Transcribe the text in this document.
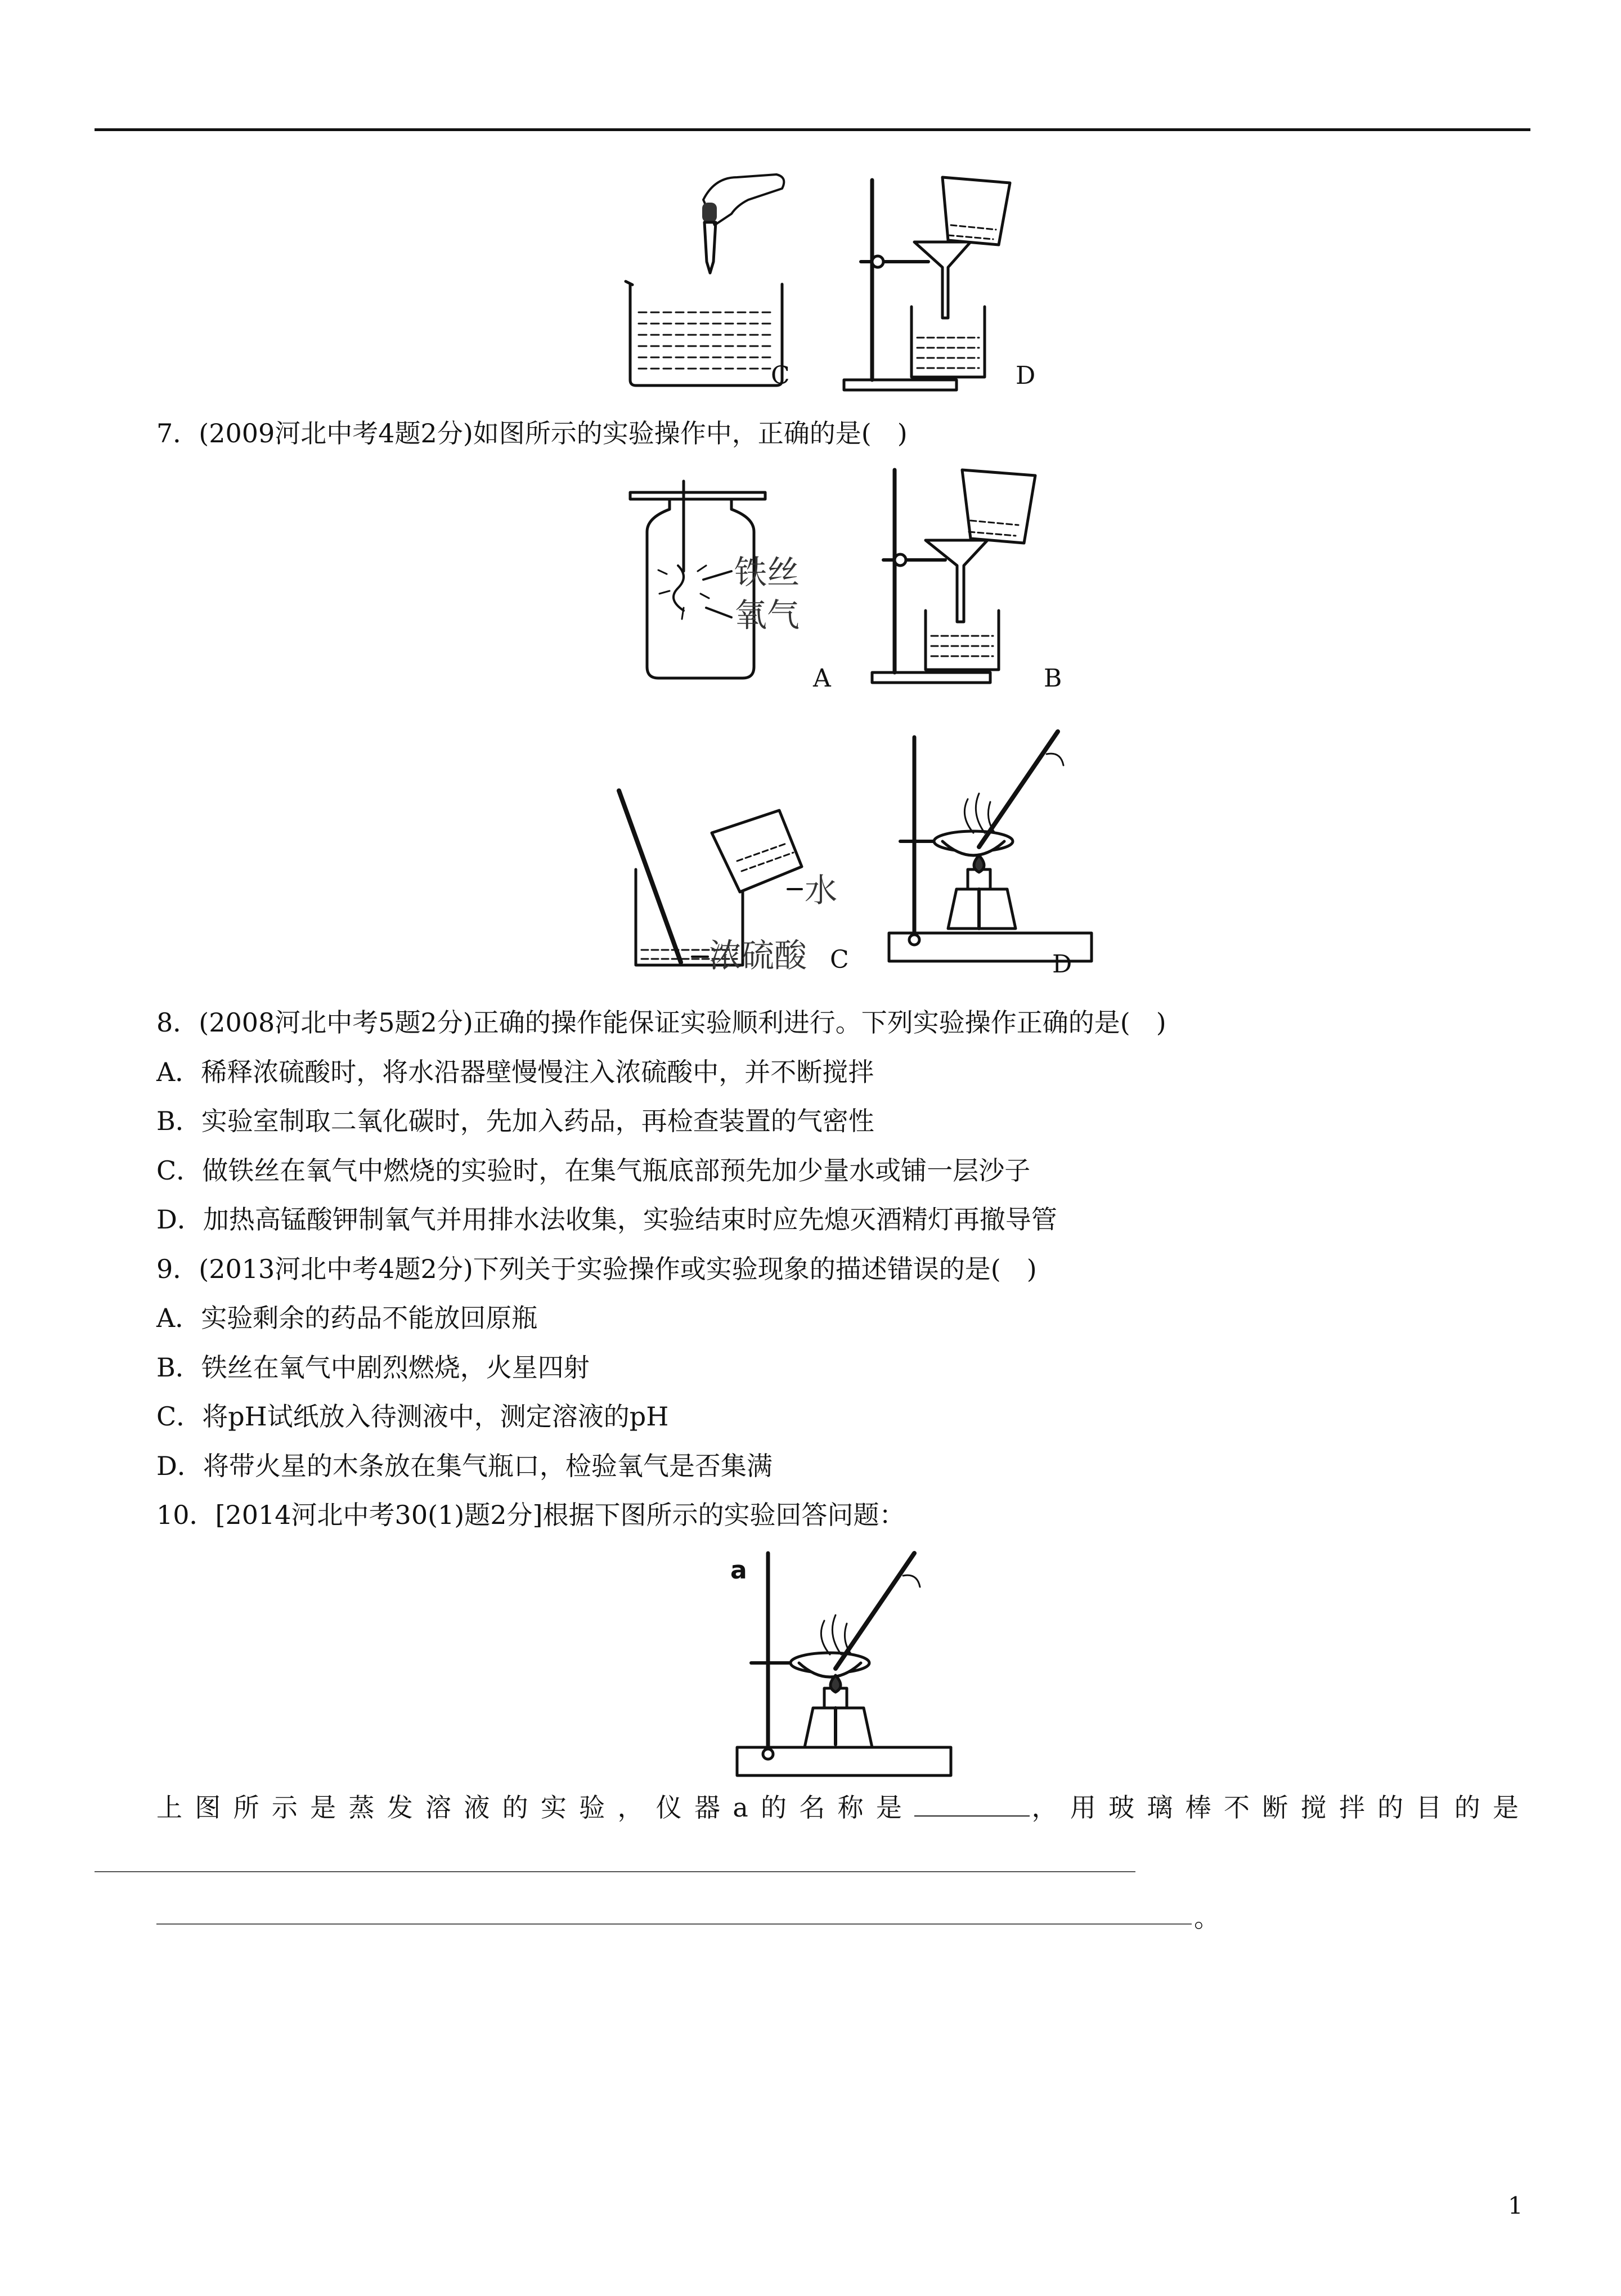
C	D
7．(2009河北中考4题2分)如图所示的实验操作中，正确的是(　)
铁丝
氧气
A	B
水
浓硫酸 C	D
8．(2008河北中考5题2分)正确的操作能保证实验顺利进行。下列实验操作正确的是(　)
A．稀释浓硫酸时，将水沿器壁慢慢注入浓硫酸中，并不断搅拌
B．实验室制取二氧化碳时，先加入药品，再检查装置的气密性
C．做铁丝在氧气中燃烧的实验时，在集气瓶底部预先加少量水或铺一层沙子
D．加热高锰酸钾制氧气并用排水法收集，实验结束时应先熄灭酒精灯再撤导管
9．(2013河北中考4题2分)下列关于实验操作或实验现象的描述错误的是(　)
A．实验剩余的药品不能放回原瓶
B．铁丝在氧气中剧烈燃烧，火星四射
C．将pH试纸放入待测液中，测定溶液的pH
D．将带火星的木条放在集气瓶口，检验氧气是否集满
10．[2014河北中考30(1)题2分]根据下图所示的实验回答问题：
a
上图所示是蒸发溶液的实验，仪器a的名称是	，用玻璃棒不断搅拌的目的是
。
1
